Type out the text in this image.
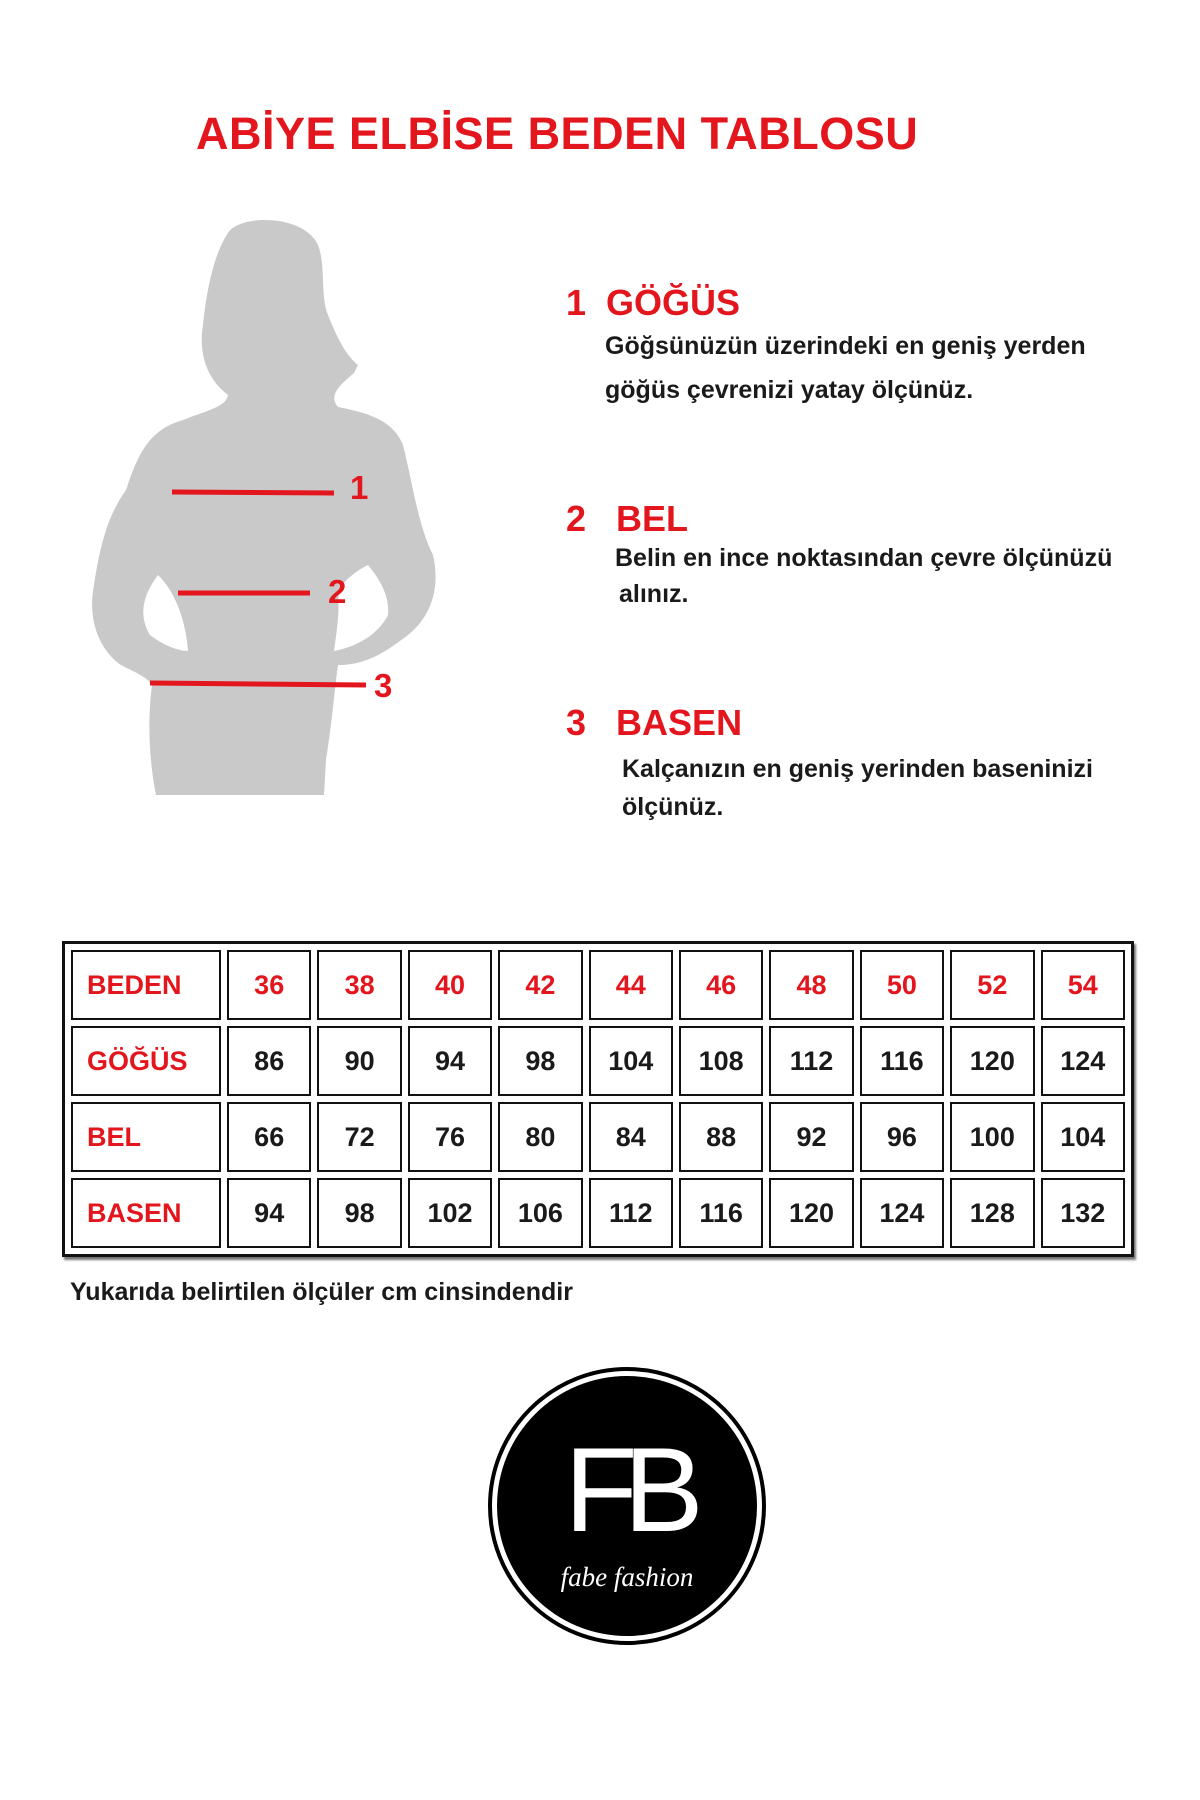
ABİYE ELBİSE BEDEN TABLOSU
1
2
3
1 GÖĞÜS
Göğsünüzün üzerindeki en geniş yerden
göğüs çevrenizi yatay ölçünüz.
2 BEL
Belin en ince noktasından çevre ölçünüzü
alınız.
3 BASEN
Kalçanızın en geniş yerinden baseninizi
ölçünüz.
BEDEN	36	38	40	42	44	46	48	50	52	54
GÖĞÜS	86	90	94	98	104	108	112	116	120	124
BEL	66	72	76	80	84	88	92	96	100	104
BASEN	94	98	102	106	112	116	120	124	128	132
Yukarıda belirtilen ölçüler cm cinsindendir
FB
fabe fashion
